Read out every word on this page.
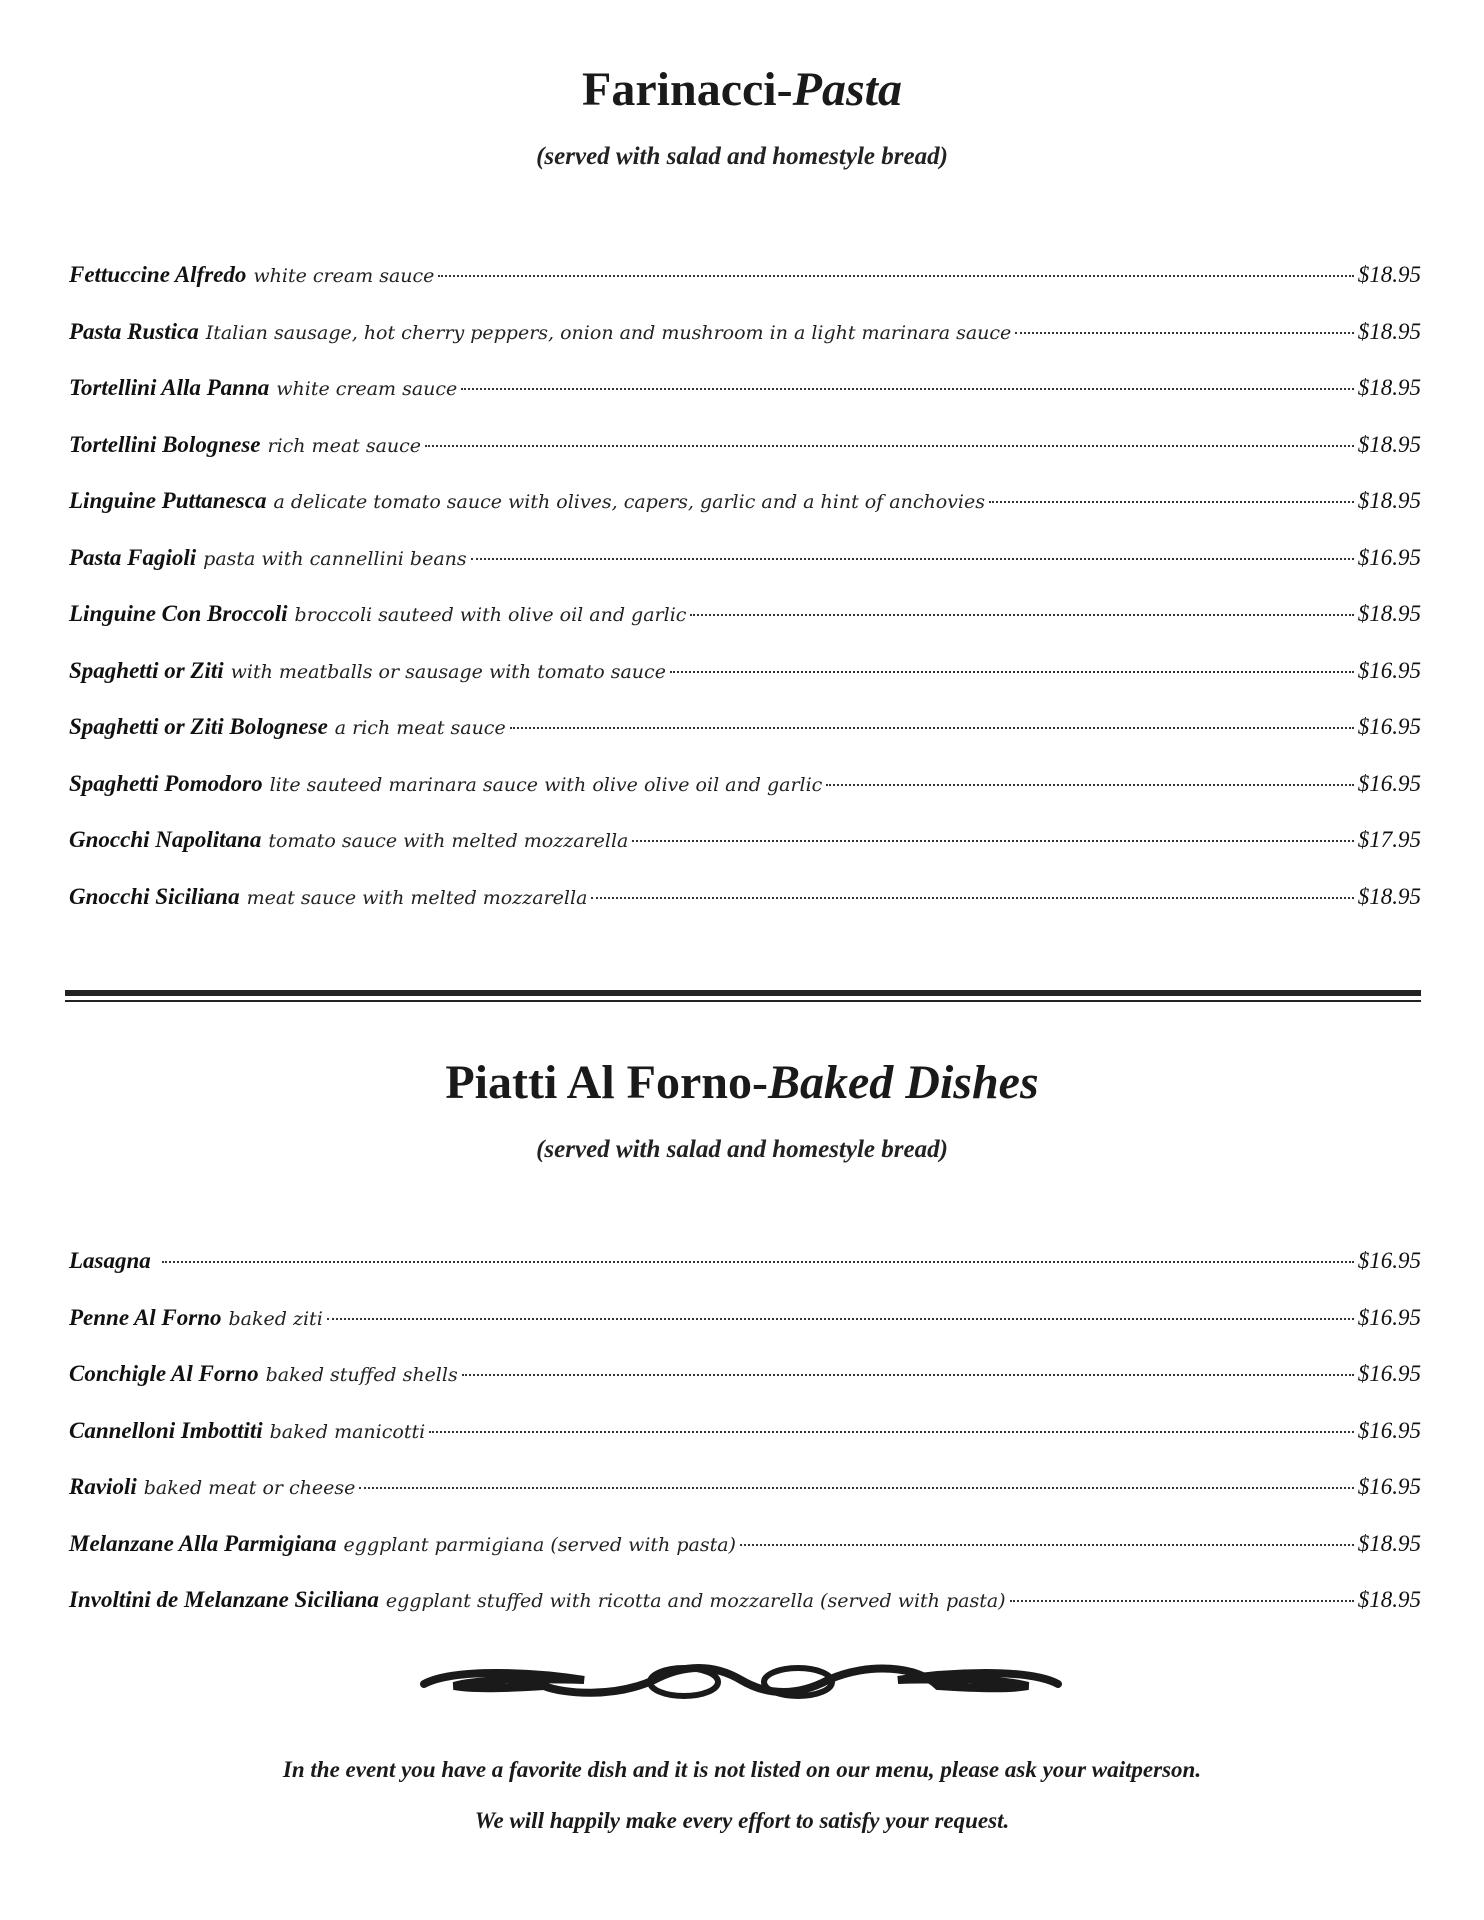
Farinacci-Pasta
(served with salad and homestyle bread)
Fettuccine Alfredo white cream sauce	$18.95
Pasta Rustica Italian sausage, hot cherry peppers, onion and mushroom in a light marinara sauce	$18.95
Tortellini Alla Panna white cream sauce	$18.95
Tortellini Bolognese rich meat sauce	$18.95
Linguine Puttanesca a delicate tomato sauce with olives, capers, garlic and a hint of anchovies	$18.95
Pasta Fagioli pasta with cannellini beans	$16.95
Linguine Con Broccoli broccoli sauteed with olive oil and garlic	$18.95
Spaghetti or Ziti with meatballs or sausage with tomato sauce	$16.95
Spaghetti or Ziti Bolognese a rich meat sauce	$16.95
Spaghetti Pomodoro lite sauteed marinara sauce with olive olive oil and garlic	$16.95
Gnocchi Napolitana tomato sauce with melted mozzarella	$17.95
Gnocchi Siciliana meat sauce with melted mozzarella	$18.95
Piatti Al Forno-Baked Dishes
(served with salad and homestyle bread)
Lasagna	$16.95
Penne Al Forno baked ziti	$16.95
Conchigle Al Forno baked stuffed shells	$16.95
Cannelloni Imbottiti baked manicotti	$16.95
Ravioli baked meat or cheese	$16.95
Melanzane Alla Parmigiana eggplant parmigiana (served with pasta)	$18.95
Involtini de Melanzane Siciliana eggplant stuffed with ricotta and mozzarella (served with pasta)	$18.95
In the event you have a favorite dish and it is not listed on our menu, please ask your waitperson.
We will happily make every effort to satisfy your request.
